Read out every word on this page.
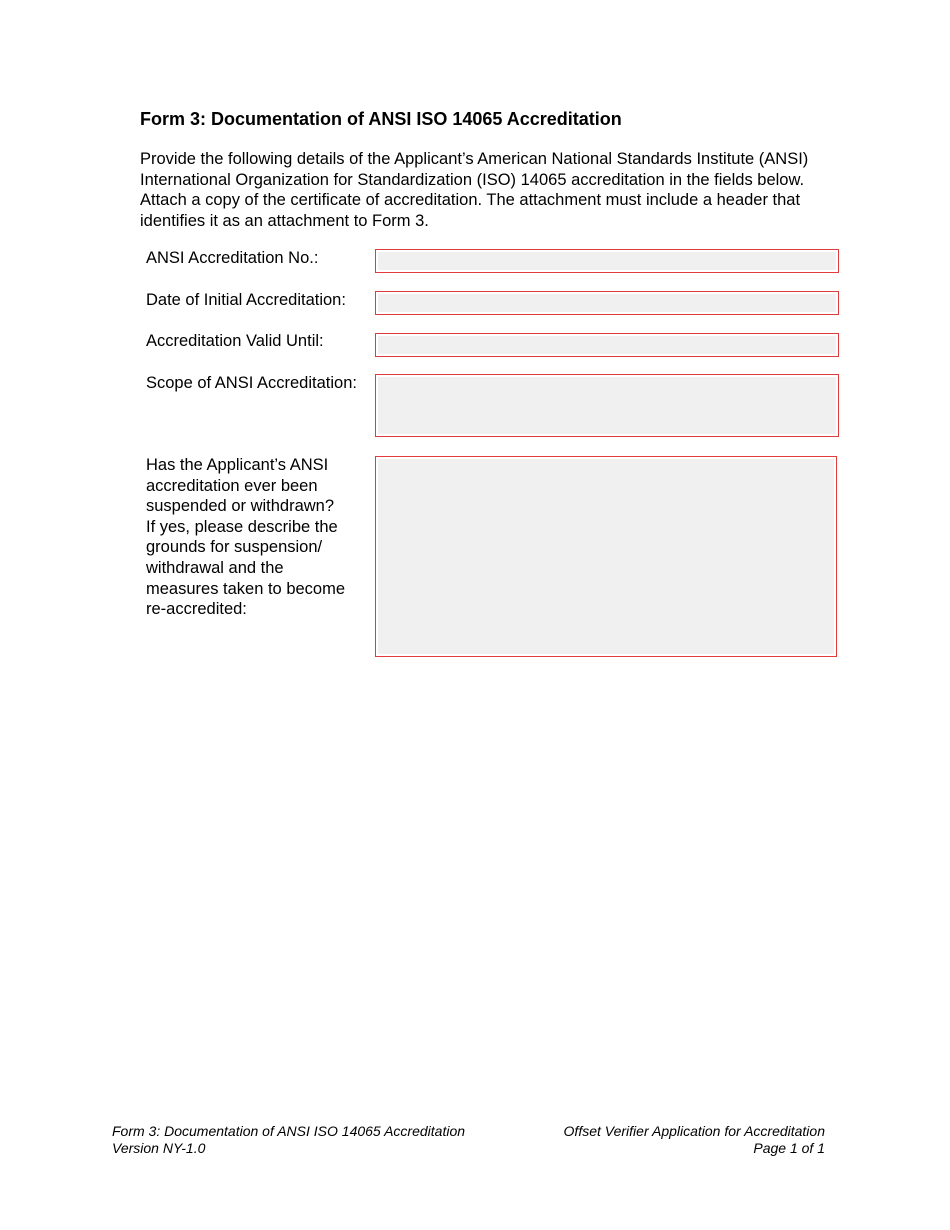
Form 3: Documentation of ANSI ISO 14065 Accreditation
Provide the following details of the Applicant’s American National Standards Institute (ANSI)
International Organization for Standardization (ISO) 14065 accreditation in the fields below.
Attach a copy of the certificate of accreditation. The attachment must include a header that
identifies it as an attachment to Form 3.
ANSI Accreditation No.:
Date of Initial Accreditation:
Accreditation Valid Until:
Scope of ANSI Accreditation:
Has the Applicant’s ANSI
accreditation ever been
suspended or withdrawn?
If yes, please describe the
grounds for suspension/
withdrawal and the
measures taken to become
re-accredited:
Form 3: Documentation of ANSI ISO 14065 Accreditation
Version NY-1.0
Offset Verifier Application for Accreditation
Page 1 of 1
